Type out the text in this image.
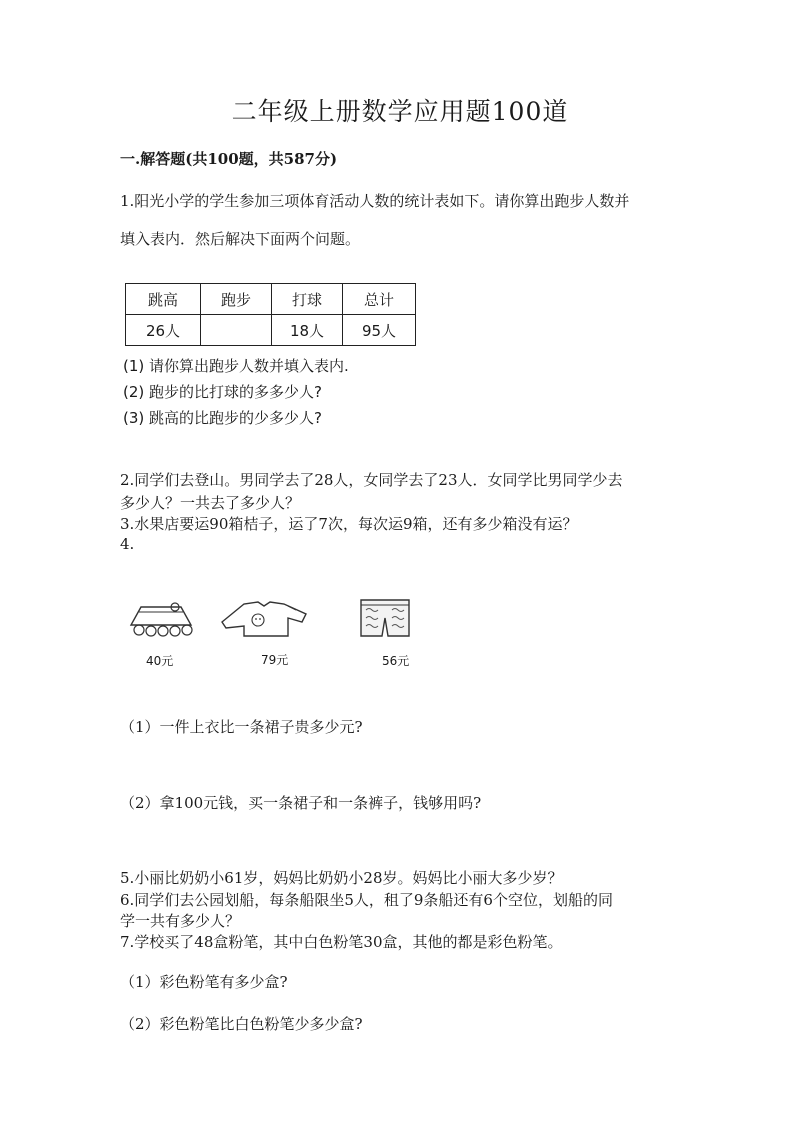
二年级上册数学应用题100道
一.解答题(共100题，共587分)
1.阳光小学的学生参加三项体育活动人数的统计表如下。请你算出跑步人数并
填入表内．然后解决下面两个问题。
跳高	跑步	打球	总计
26人		18人	95人
(1) 请你算出跑步人数并填入表内.
(2) 跑步的比打球的多多少人?
(3) 跳高的比跑步的少多少人?
2.同学们去登山。男同学去了28人，女同学去了23人．女同学比男同学少去
多少人？一共去了多少人？
3.水果店要运90箱桔子，运了7次，每次运9箱，还有多少箱没有运？
4.
40元	79元	56元
（1）一件上衣比一条裙子贵多少元?
（2）拿100元钱，买一条裙子和一条裤子，钱够用吗?
5.小丽比奶奶小61岁，妈妈比奶奶小28岁。妈妈比小丽大多少岁？
6.同学们去公园划船，每条船限坐5人，租了9条船还有6个空位，划船的同
学一共有多少人？
7.学校买了48盒粉笔，其中白色粉笔30盒，其他的都是彩色粉笔。
（1）彩色粉笔有多少盒?
（2）彩色粉笔比白色粉笔少多少盒?
